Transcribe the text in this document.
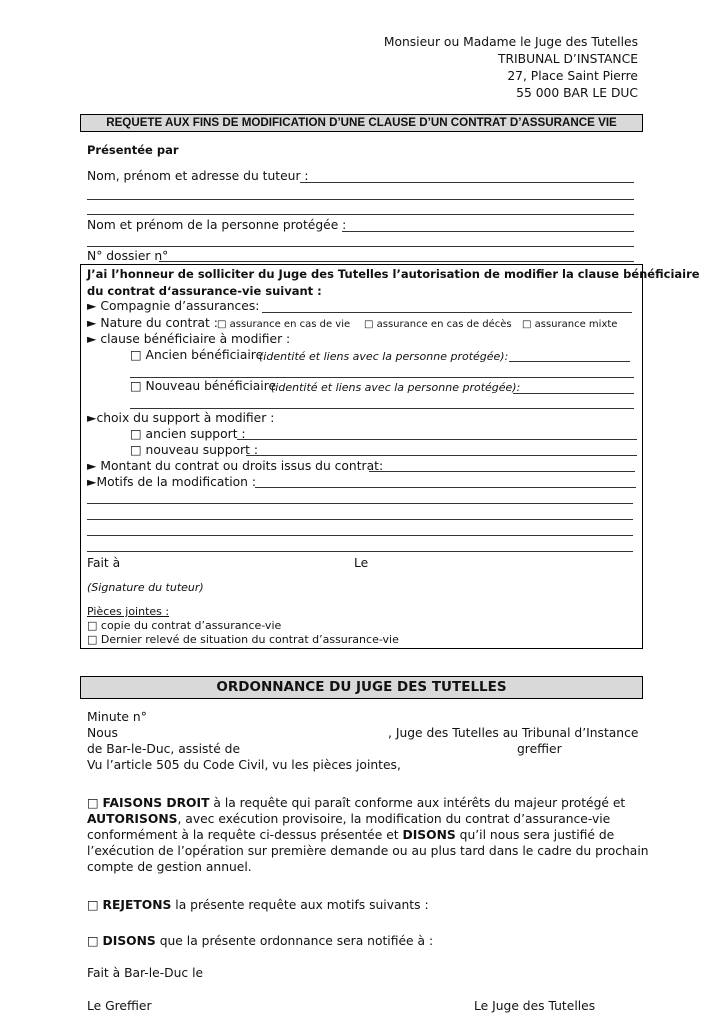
Monsieur ou Madame le Juge des Tutelles
TRIBUNAL D’INSTANCE
27, Place Saint Pierre
55 000 BAR LE DUC
REQUETE AUX FINS DE MODIFICATION D’UNE CLAUSE D’UN CONTRAT D’ASSURANCE VIE
Présentée par
Nom, prénom et adresse du tuteur :
Nom et prénom de la personne protégée :
N° dossier n°
J’ai l’honneur de solliciter du Juge des Tutelles l’autorisation de modifier la clause bénéficiaire
du contrat d‘assurance-vie suivant :
► Compagnie d’assurances:
► Nature du contrat : □ assurance en cas de vie □ assurance en cas de décès □ assurance mixte
► clause bénéficiaire à modifier :
□ Ancien bénéficiaire
(identité et liens avec la personne protégée):
□ Nouveau bénéficiaire
(identité et liens avec la personne protégée):
►choix du support à modifier :
□ ancien support :
□ nouveau support :
► Montant du contrat ou droits issus du contrat:
►Motifs de la modification :
Fait à	Le
(Signature du tuteur)
Pièces jointes :
□ copie du contrat d’assurance-vie
□ Dernier relevé de situation du contrat d’assurance-vie
ORDONNANCE DU JUGE DES TUTELLES
Minute n°
Nous	, Juge des Tutelles au Tribunal d’Instance
de Bar-le-Duc, assisté de	greffier
Vu l’article 505 du Code Civil, vu les pièces jointes,
□ FAISONS DROIT à la requête qui paraît conforme aux intérêts du majeur protégé et
AUTORISONS, avec exécution provisoire, la modification du contrat d’assurance-vie
conformément à la requête ci-dessus présentée et DISONS qu’il nous sera justifié de
l’exécution de l’opération sur première demande ou au plus tard dans le cadre du prochain
compte de gestion annuel.
□ REJETONS la présente requête aux motifs suivants :
□ DISONS que la présente ordonnance sera notifiée à :
Fait à Bar-le-Duc le
Le Greffier	Le Juge des Tutelles
